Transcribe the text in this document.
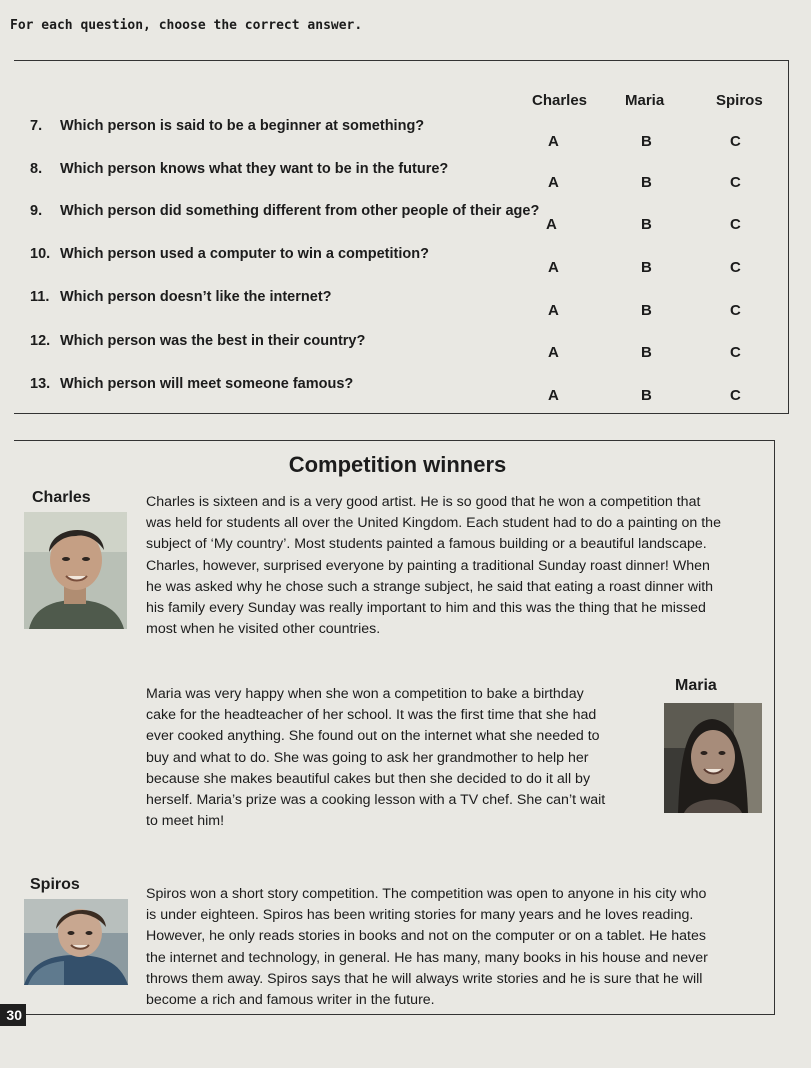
For each question, choose the correct answer.
Charles	Maria	Spiros
7. Which person is said to be a beginner at something?
A	B	C
8. Which person knows what they want to be in the future?
A	B	C
9. Which person did something different from other people of their age?
A	B	C
10. Which person used a computer to win a competition?
A	B	C
11. Which person doesn’t like the internet?
A	B	C
12. Which person was the best in their country?
A	B	C
13. Which person will meet someone famous?
A	B	C
Competition winners
Charles	Charles is sixteen and is a very good artist. He is so good that he won a competition that
was held for students all over the United Kingdom. Each student had to do a painting on the
subject of ‘My country’. Most students painted a famous building or a beautiful landscape.
Charles, however, surprised everyone by painting a traditional Sunday roast dinner! When
he was asked why he chose such a strange subject, he said that eating a roast dinner with
his family every Sunday was really important to him and this was the thing that he missed
most when he visited other countries.
Maria
Maria was very happy when she won a competition to bake a birthday
cake for the headteacher of her school. It was the first time that she had
ever cooked anything. She found out on the internet what she needed to
buy and what to do. She was going to ask her grandmother to help her
because she makes beautiful cakes but then she decided to do it all by
herself. Maria’s prize was a cooking lesson with a TV chef. She can’t wait
to meet him!
Spiros
Spiros won a short story competition. The competition was open to anyone in his city who
is under eighteen. Spiros has been writing stories for many years and he loves reading.
However, he only reads stories in books and not on the computer or on a tablet. He hates
the internet and technology, in general. He has many, many books in his house and never
throws them away. Spiros says that he will always write stories and he is sure that he will
become a rich and famous writer in the future.
30
